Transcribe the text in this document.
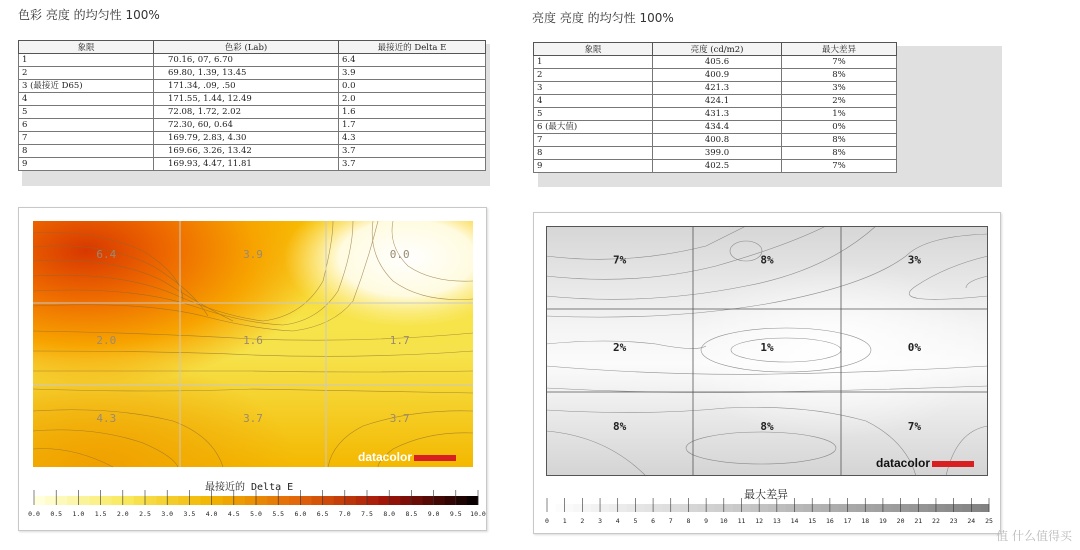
色彩 亮度 的均匀性 100%
象限	色彩 (Lab)	最接近的 Delta E
1	70.16, 07, 6.70	6.4
2	69.80, 1.39, 13.45	3.9
3 (最接近 D65)	171.34, .09, .50	0.0
4	171.55, 1.44, 12.49	2.0
5	72.08, 1.72, 2.02	1.6
6	72.30, 60, 0.64	1.7
7	169.79, 2.83, 4.30	4.3
8	169.66, 3.26, 13.42	3.7
9	169.93, 4.47, 11.81	3.7
6.4	3.9	0.0
2.0	1.6	1.7
4.3	3.7	3.7
datacolor
最接近的 Delta E
0.0 0.5 1.0 1.5 2.0 2.5 3.0 3.5 4.0 4.5 5.0 5.5 6.0 6.5 7.0 7.5 8.0 8.5 9.0 9.5 10.0
亮度 亮度 的均匀性 100%
象限	亮度 (cd/m2)	最大差异
1	405.6	7%
2	400.9	8%
3	421.3	3%
4	424.1	2%
5	431.3	1%
6 (最大值)	434.4	0%
7	400.8	8%
8	399.0	8%
9	402.5	7%
7%	8%	3%
2%	1%	0%
8%	8%	7%
datacolor
最大差异
0 1 2 3 4 5 6 7 8 9 10 11 12 13 14 15 16 17 18 19 20 21 22 23 24 25
值 什么值得买
